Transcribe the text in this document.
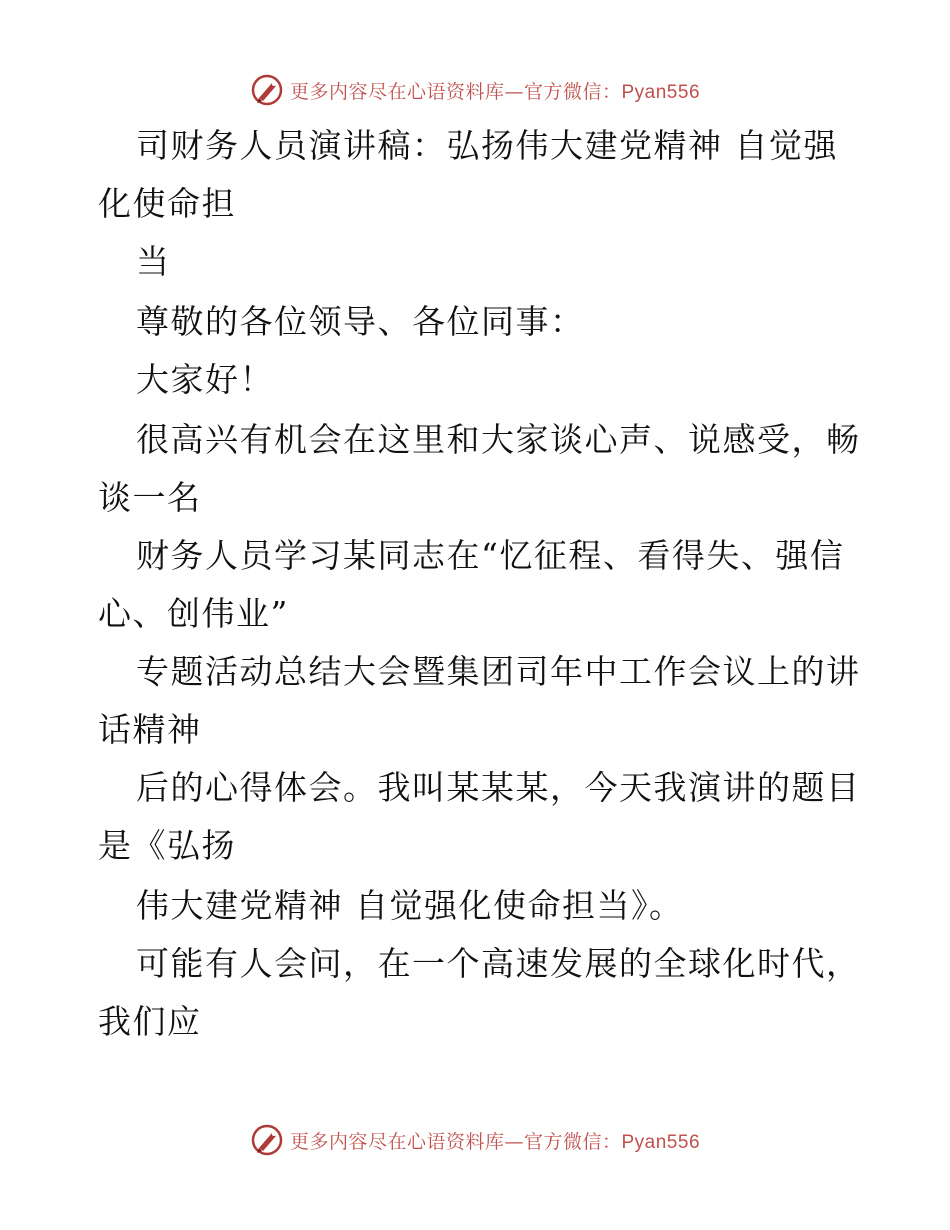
更多内容尽在心语资料库—官方微信：Pyan556
司财务人员演讲稿：弘扬伟大建党精神 自觉强
化使命担
当
尊敬的各位领导、各位同事：
大家好！
很高兴有机会在这里和大家谈心声、说感受，畅
谈一名
财务人员学习某同志在“忆征程、看得失、强信
心、创伟业”
专题活动总结大会暨集团司年中工作会议上的讲
话精神
后的心得体会。我叫某某某，今天我演讲的题目
是《弘扬
伟大建党精神 自觉强化使命担当》。
可能有人会问，在一个高速发展的全球化时代，
我们应
更多内容尽在心语资料库—官方微信：Pyan556
